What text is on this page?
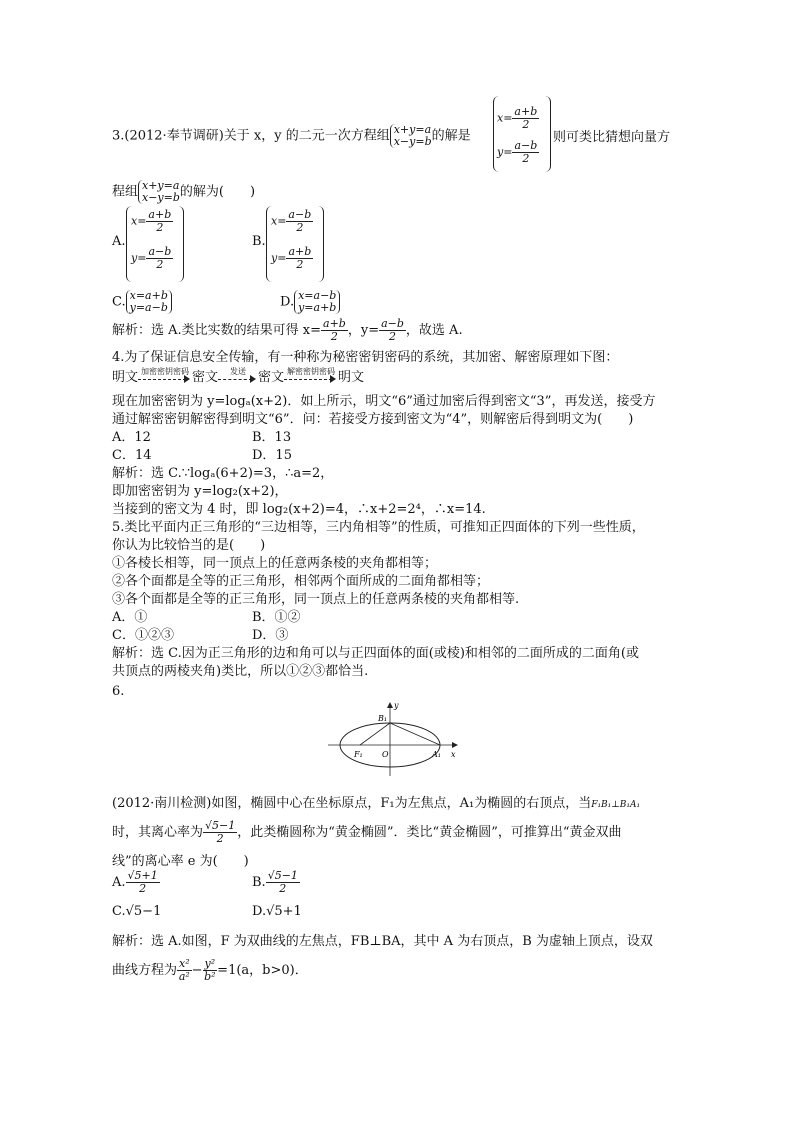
3.(2012·奉节调研)关于 x，y 的二元一次方程组 x+y=a
x−y=b 的解是
$x= \frac{a+b}{2}$
$y= \frac{a-b}{2}$
则可类比猜想向量方
程组 x+y=a
x−y=b 的解为(　　)
A.
$x= \frac{a+b}{2}$
$y= \frac{a-b}{2}$
B.
$x= \frac{a-b}{2}$
$y= \frac{a+b}{2}$
C. x=a+b
y=a−b	D. x=a−b
y=a+b
解析：选 A.类比实数的结果可得 $x= \frac{a+b}{2}$ ，$y= \frac{a-b}{2}$ ，故选 A.
4.为了保证信息安全传输，有一种称为秘密密钥密码的系统，其加密、解密原理如下图：
明文 加密密钥密码 密文	发送 密文 解密密钥密码 明文
现在加密密钥为 y=logₐ(x+2)．如上所示，明文“6”通过加密后得到密文“3”，再发送，接受方
通过解密密钥解密得到明文“6”．问：若接受方接到密文为“4”，则解密后得到明文为(　　)
A．12	B．13
C．14	D．15
解析：选 C.∵logₐ(6+2)=3，∴a=2，
即加密密钥为 y=log₂(x+2)，
当接到的密文为 4 时，即 log₂(x+2)=4，∴x+2=2⁴，∴x=14.
5.类比平面内正三角形的“三边相等，三内角相等”的性质，可推知正四面体的下列一些性质，
你认为比较恰当的是(　　)
①各棱长相等，同一顶点上的任意两条棱的夹角都相等；
②各个面都是全等的正三角形，相邻两个面所成的二面角都相等；
③各个面都是全等的正三角形，同一顶点上的任意两条棱的夹角都相等.
A．①	B．①②
C．①②③	D．③
解析：选 C.因为正三角形的边和角可以与正四面体的面(或棱)和相邻的二面所成的二面角(或
共顶点的两棱夹角)类比，所以①②③都恰当.
6.
y
x
B₁
F₁ O	A₁
(2012·南川检测)如图，椭圆中心在坐标原点，F₁为左焦点，A₁为椭圆的右顶点，当F₁B₁⊥B₁A₁
时，其离心率为 $\frac{√5-1}{2}$ ，此类椭圆称为“黄金椭圆”．类比“黄金椭圆”，可推算出“黄金双曲
线”的离心率 e 为(　　)
A. $\frac{√5+1}{2}$	B. $\frac{√5-1}{2}$
C.√5−1	D.√5+1
解析：选 A.如图，F 为双曲线的左焦点，FB⊥BA，其中 A 为右顶点，B 为虚轴上顶点，设双
曲线方程为 $\frac{\text{x²}}{\text{a²}} - \frac{\text{y²}}{\text{b²}} =1(a$，b>0)．
